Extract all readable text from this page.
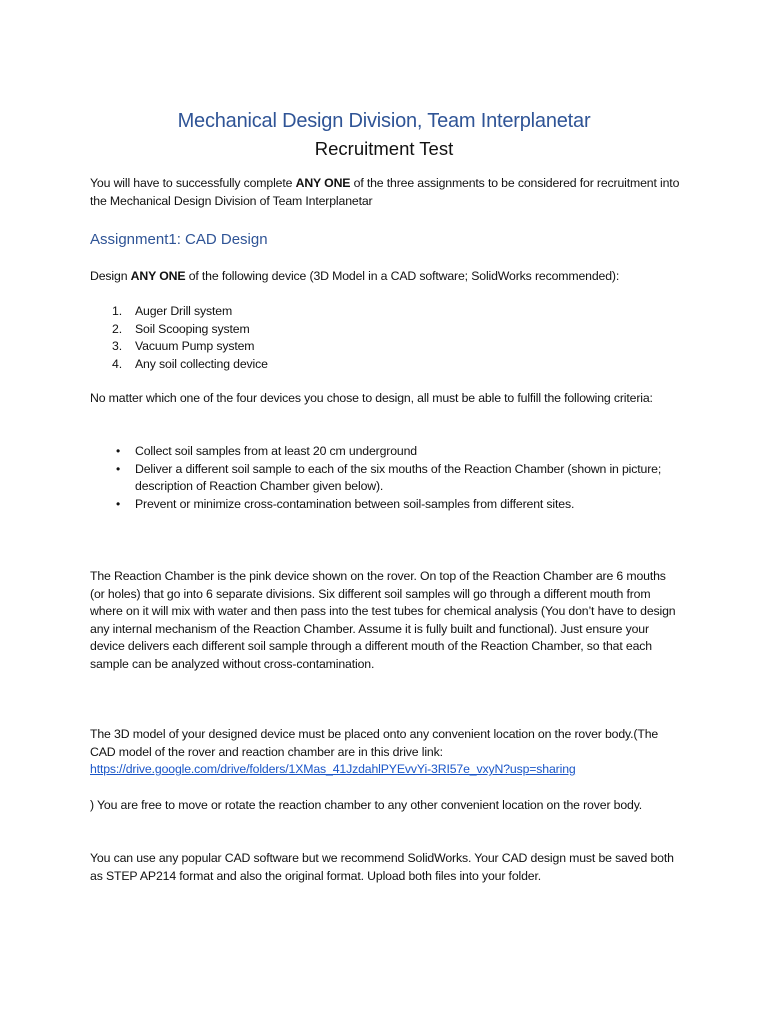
Mechanical Design Division, Team Interplanetar
Recruitment Test
You will have to successfully complete ANY ONE of the three assignments to be considered for recruitment into the Mechanical Design Division of Team Interplanetar
Assignment1: CAD Design
Design ANY ONE of the following device (3D Model in a CAD software; SolidWorks recommended):
1. Auger Drill system
2. Soil Scooping system
3. Vacuum Pump system
4. Any soil collecting device
No matter which one of the four devices you chose to design, all must be able to fulfill the following criteria:
• Collect soil samples from at least 20 cm underground
• Deliver a different soil sample to each of the six mouths of the Reaction Chamber (shown in picture; description of Reaction Chamber given below).
• Prevent or minimize cross-contamination between soil-samples from different sites.
The Reaction Chamber is the pink device shown on the rover. On top of the Reaction Chamber are 6 mouths (or holes) that go into 6 separate divisions. Six different soil samples will go through a different mouth from where on it will mix with water and then pass into the test tubes for chemical analysis (You don’t have to design any internal mechanism of the Reaction Chamber. Assume it is fully built and functional). Just ensure your device delivers each different soil sample through a different mouth of the Reaction Chamber, so that each sample can be analyzed without cross-contamination.
The 3D model of your designed device must be placed onto any convenient location on the rover body.(The CAD model of the rover and reaction chamber are in this drive link:
https://drive.google.com/drive/folders/1XMas_41JzdahlPYEvvYi-3RI57e_vxyN?usp=sharing
) You are free to move or rotate the reaction chamber to any other convenient location on the rover body.
You can use any popular CAD software but we recommend SolidWorks. Your CAD design must be saved both as STEP AP214 format and also the original format. Upload both files into your folder.
